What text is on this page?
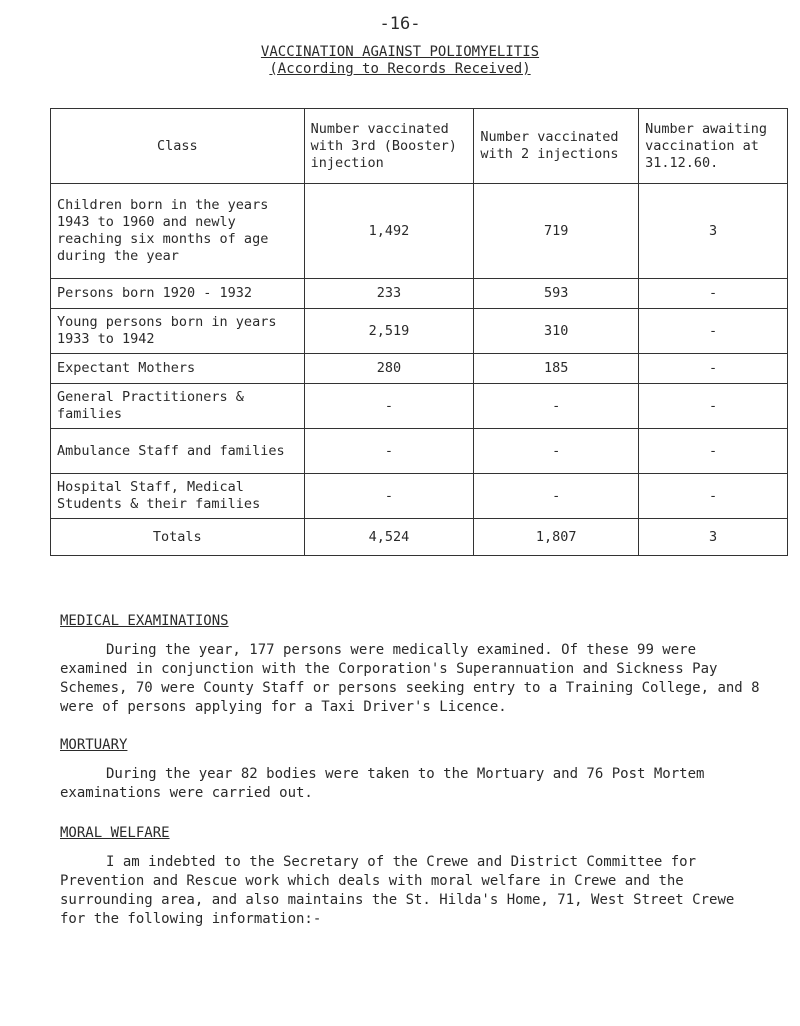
-16-
VACCINATION AGAINST POLIOMYELITIS
(According to Records Received)
Class	Number vaccinated with 3rd (Booster) injection	Number vaccinated with 2 injections	Number awaiting vaccination at 31.12.60.
Children born in the years 1943 to 1960 and newly reaching six months of age during the year	1,492	719	3
Persons born 1920 - 1932	233	593	-
Young persons born in years 1933 to 1942	2,519	310	-
Expectant Mothers	280	185	-
General Practitioners & families	-	-	-
Ambulance Staff and families	-	-	-
Hospital Staff, Medical Students & their families	-	-	-
Totals	4,524	1,807	3
MEDICAL EXAMINATIONS

During the year, 177 persons were medically examined. Of these 99 were examined in conjunction with the Corporation's Superannuation and Sickness Pay Schemes, 70 were County Staff or persons seeking entry to a Training College, and 8 were of persons applying for a Taxi Driver's Licence.

MORTUARY

During the year 82 bodies were taken to the Mortuary and 76 Post Mortem examinations were carried out.

MORAL WELFARE

I am indebted to the Secretary of the Crewe and District Committee for Prevention and Rescue work which deals with moral welfare in Crewe and the surrounding area, and also maintains the St. Hilda's Home, 71, West Street Crewe for the following information:-
